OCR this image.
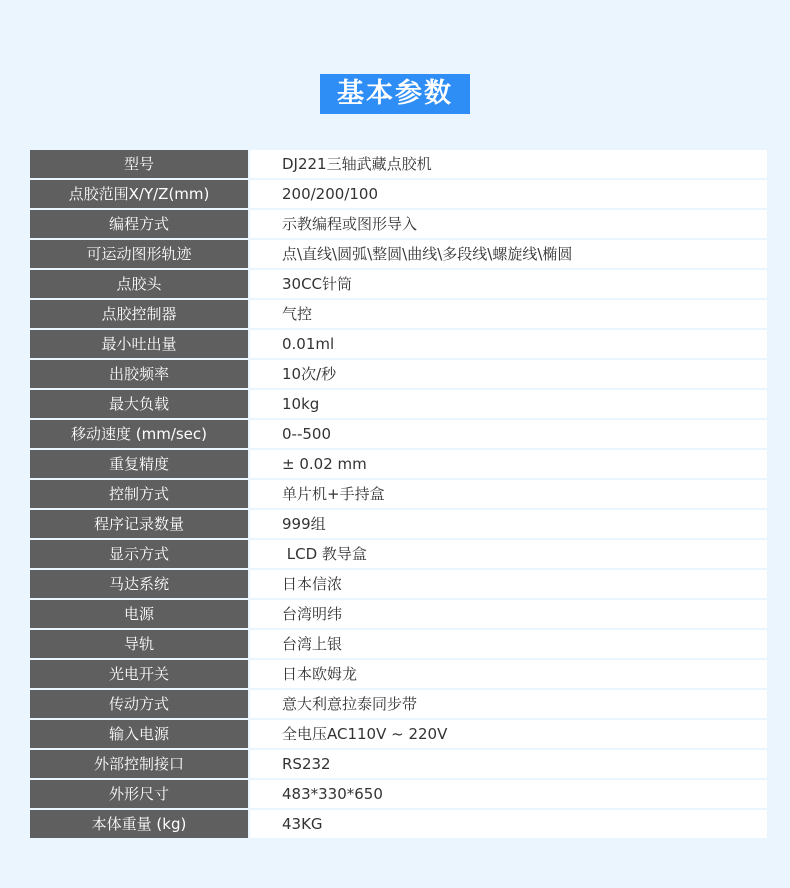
基本参数
型号	DJ221三轴武藏点胶机
点胶范围X/Y/Z(mm)	200/200/100
编程方式	示教编程或图形导入
可运动图形轨迹	点\直线\圆弧\整圆\曲线\多段线\螺旋线\椭圆
点胶头	30CC针筒
点胶控制器	气控
最小吐出量	0.01ml
出胶频率	10次/秒
最大负载	10kg
移动速度 (mm/sec)	0--500
重复精度	± 0.02 mm
控制方式	单片机+手持盒
程序记录数量	999组
显示方式	LCD 教导盒
马达系统	日本信浓
电源	台湾明纬
导轨	台湾上银
光电开关	日本欧姆龙
传动方式	意大利意拉泰同步带
输入电源	全电压AC110V ~ 220V
外部控制接口	RS232
外形尺寸	483*330*650
本体重量 (kg)	43KG
